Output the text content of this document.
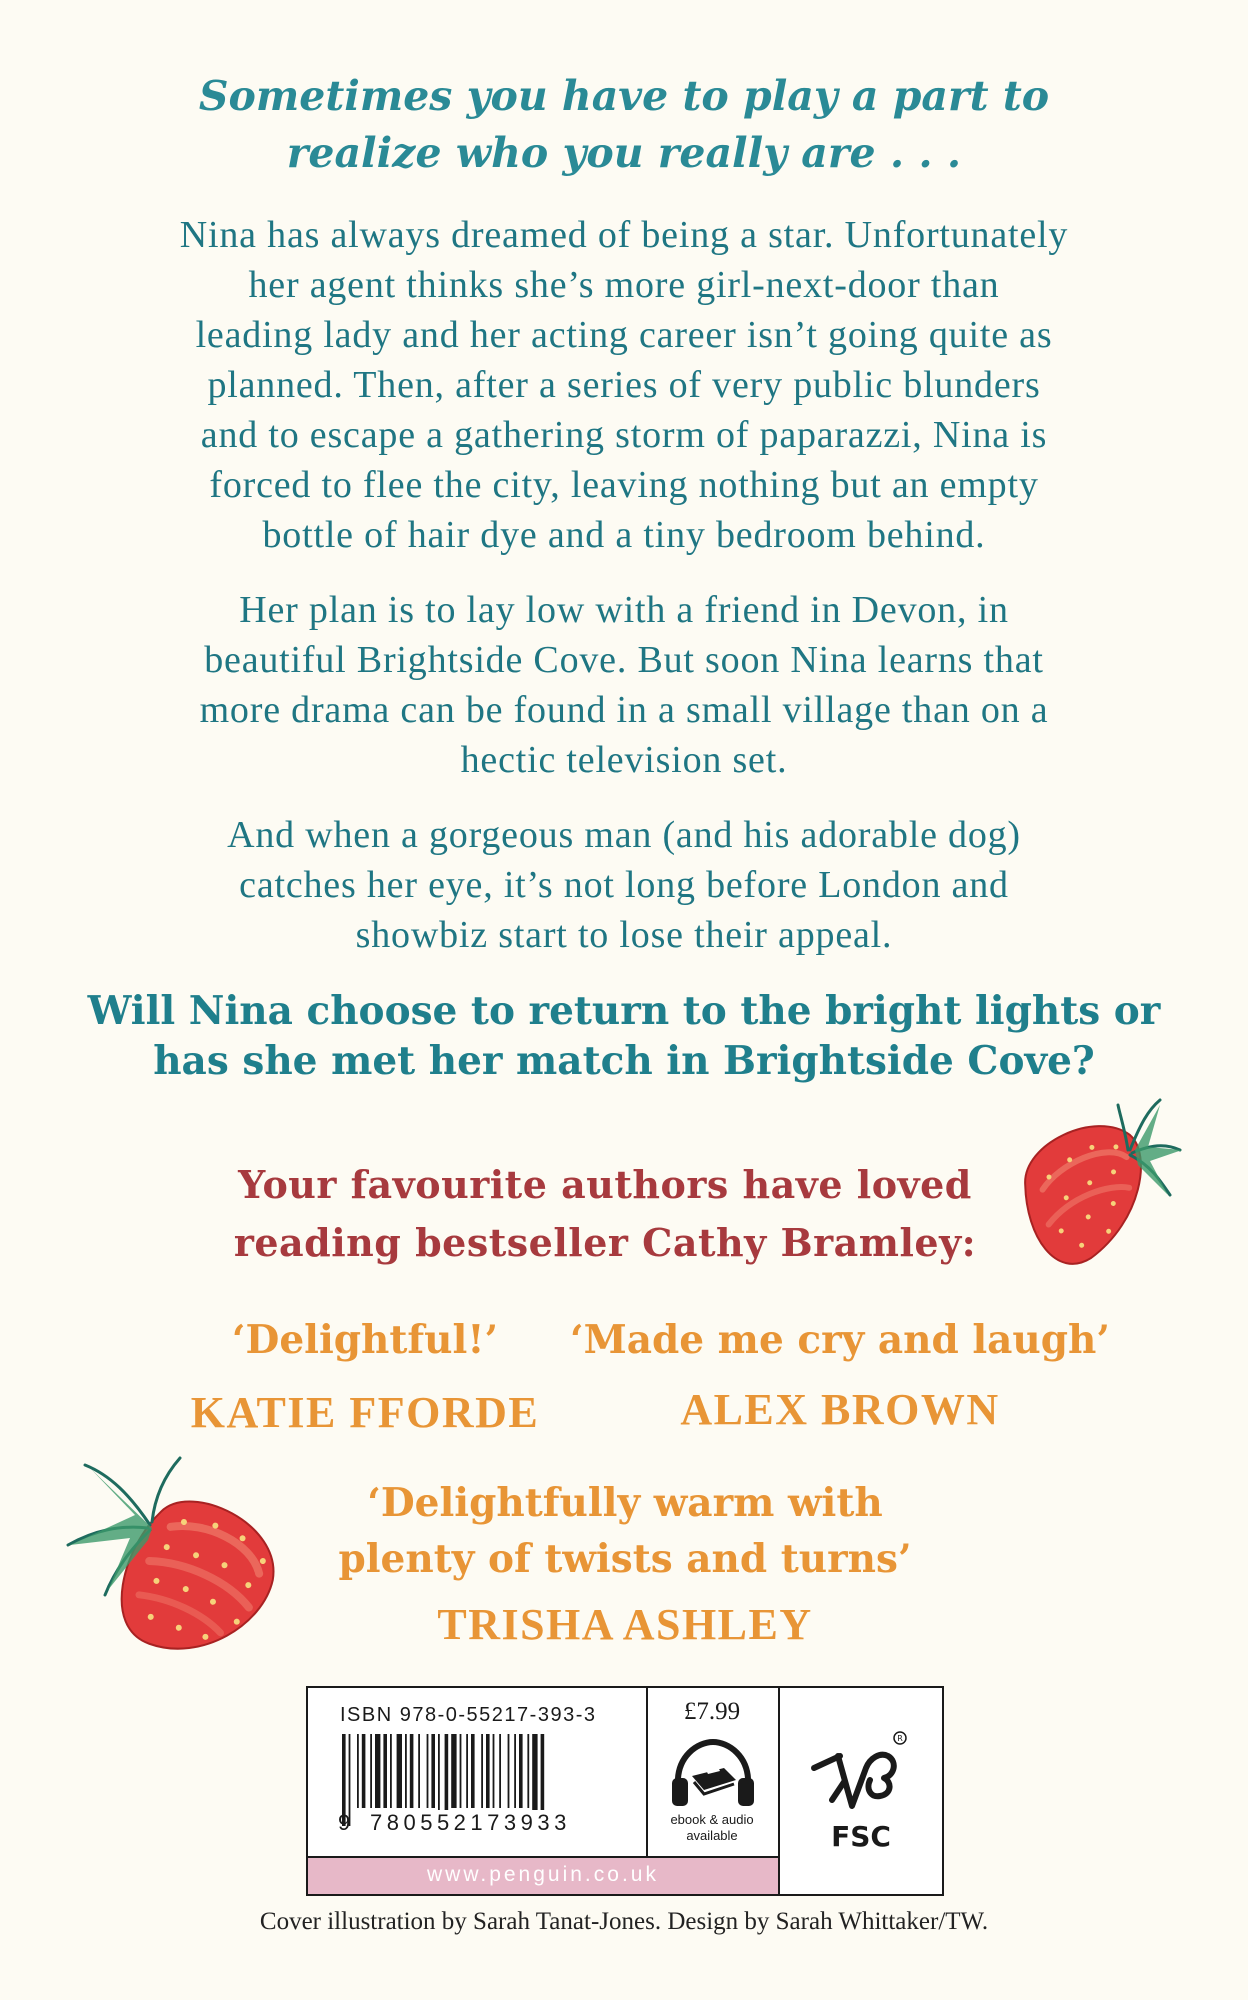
Sometimes you have to play a part to
realize who you really are . . .
Nina has always dreamed of being a star. Unfortunately
her agent thinks she’s more girl-next-door than
leading lady and her acting career isn’t going quite as
planned. Then, after a series of very public blunders
and to escape a gathering storm of paparazzi, Nina is
forced to flee the city, leaving nothing but an empty
bottle of hair dye and a tiny bedroom behind.
Her plan is to lay low with a friend in Devon, in
beautiful Brightside Cove. But soon Nina learns that
more drama can be found in a small village than on a
hectic television set.
And when a gorgeous man (and his adorable dog)
catches her eye, it’s not long before London and
showbiz start to lose their appeal.
Will Nina choose to return to the bright lights or
has she met her match in Brightside Cove?
Your favourite authors have loved
reading bestseller Cathy Bramley:
‘Delightful!’
KATIE FFORDE
‘Made me cry and laugh’
ALEX BROWN
‘Delightfully warm with
plenty of twists and turns’
TRISHA ASHLEY
ISBN 978-0-55217-393-3
9 780552173933
£7.99
ebook & audio
available
R
FSC
www.penguin.co.uk
Cover illustration by Sarah Tanat-Jones. Design by Sarah Whittaker/TW.
